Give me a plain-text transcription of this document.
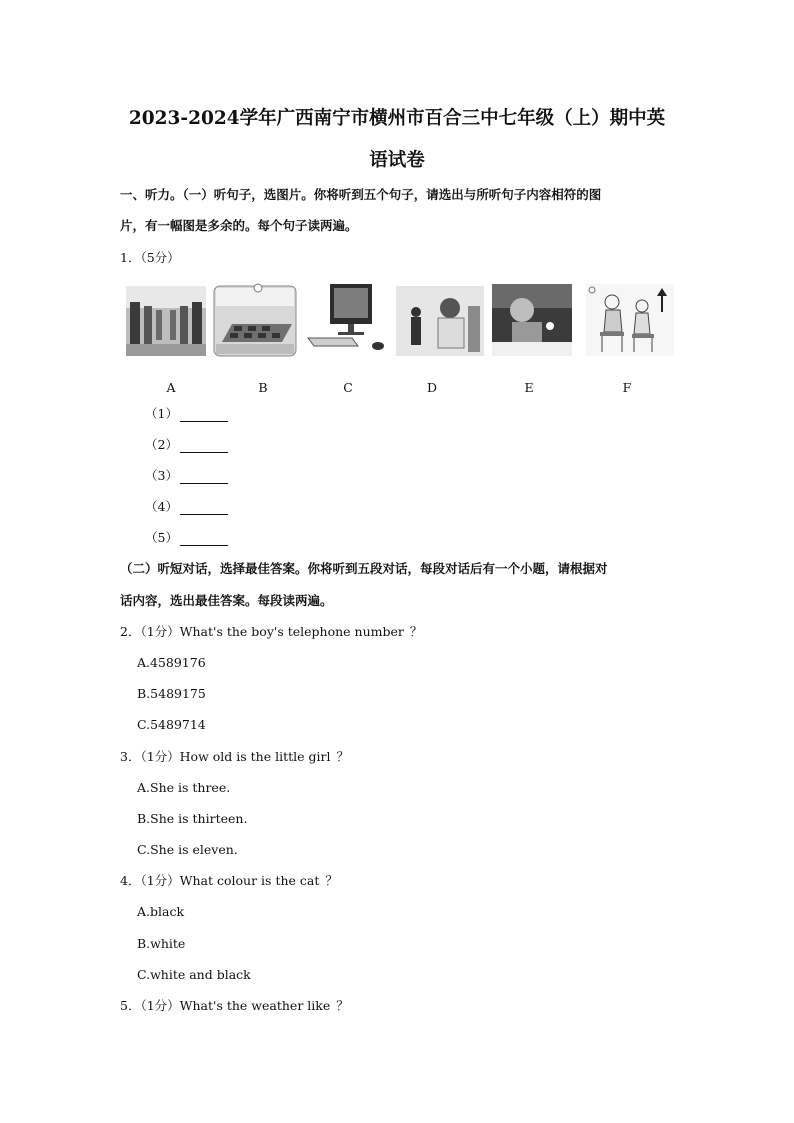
2023-2024学年广西南宁市横州市百合三中七年级（上）期中英
语试卷
一、听力。（一）听句子，选图片。你将听到五个句子，请选出与所听句子内容相符的图
片，有一幅图是多余的。每个句子读两遍。
1．（5分）
A	B	C	D	E	F
（1）
（2）
（3）
（4）
（5）
（二）听短对话，选择最佳答案。你将听到五段对话，每段对话后有一个小题，请根据对
话内容，选出最佳答案。每段读两遍。
2．（1分）What's the boy's telephone number ？
A.4589176
B.5489175
C.5489714
3．（1分）How old is the little girl ？
A.She is three.
B.She is thirteen.
C.She is eleven.
4．（1分）What colour is the cat ？
A.black
B.white
C.white and black
5．（1分）What's the weather like ？
